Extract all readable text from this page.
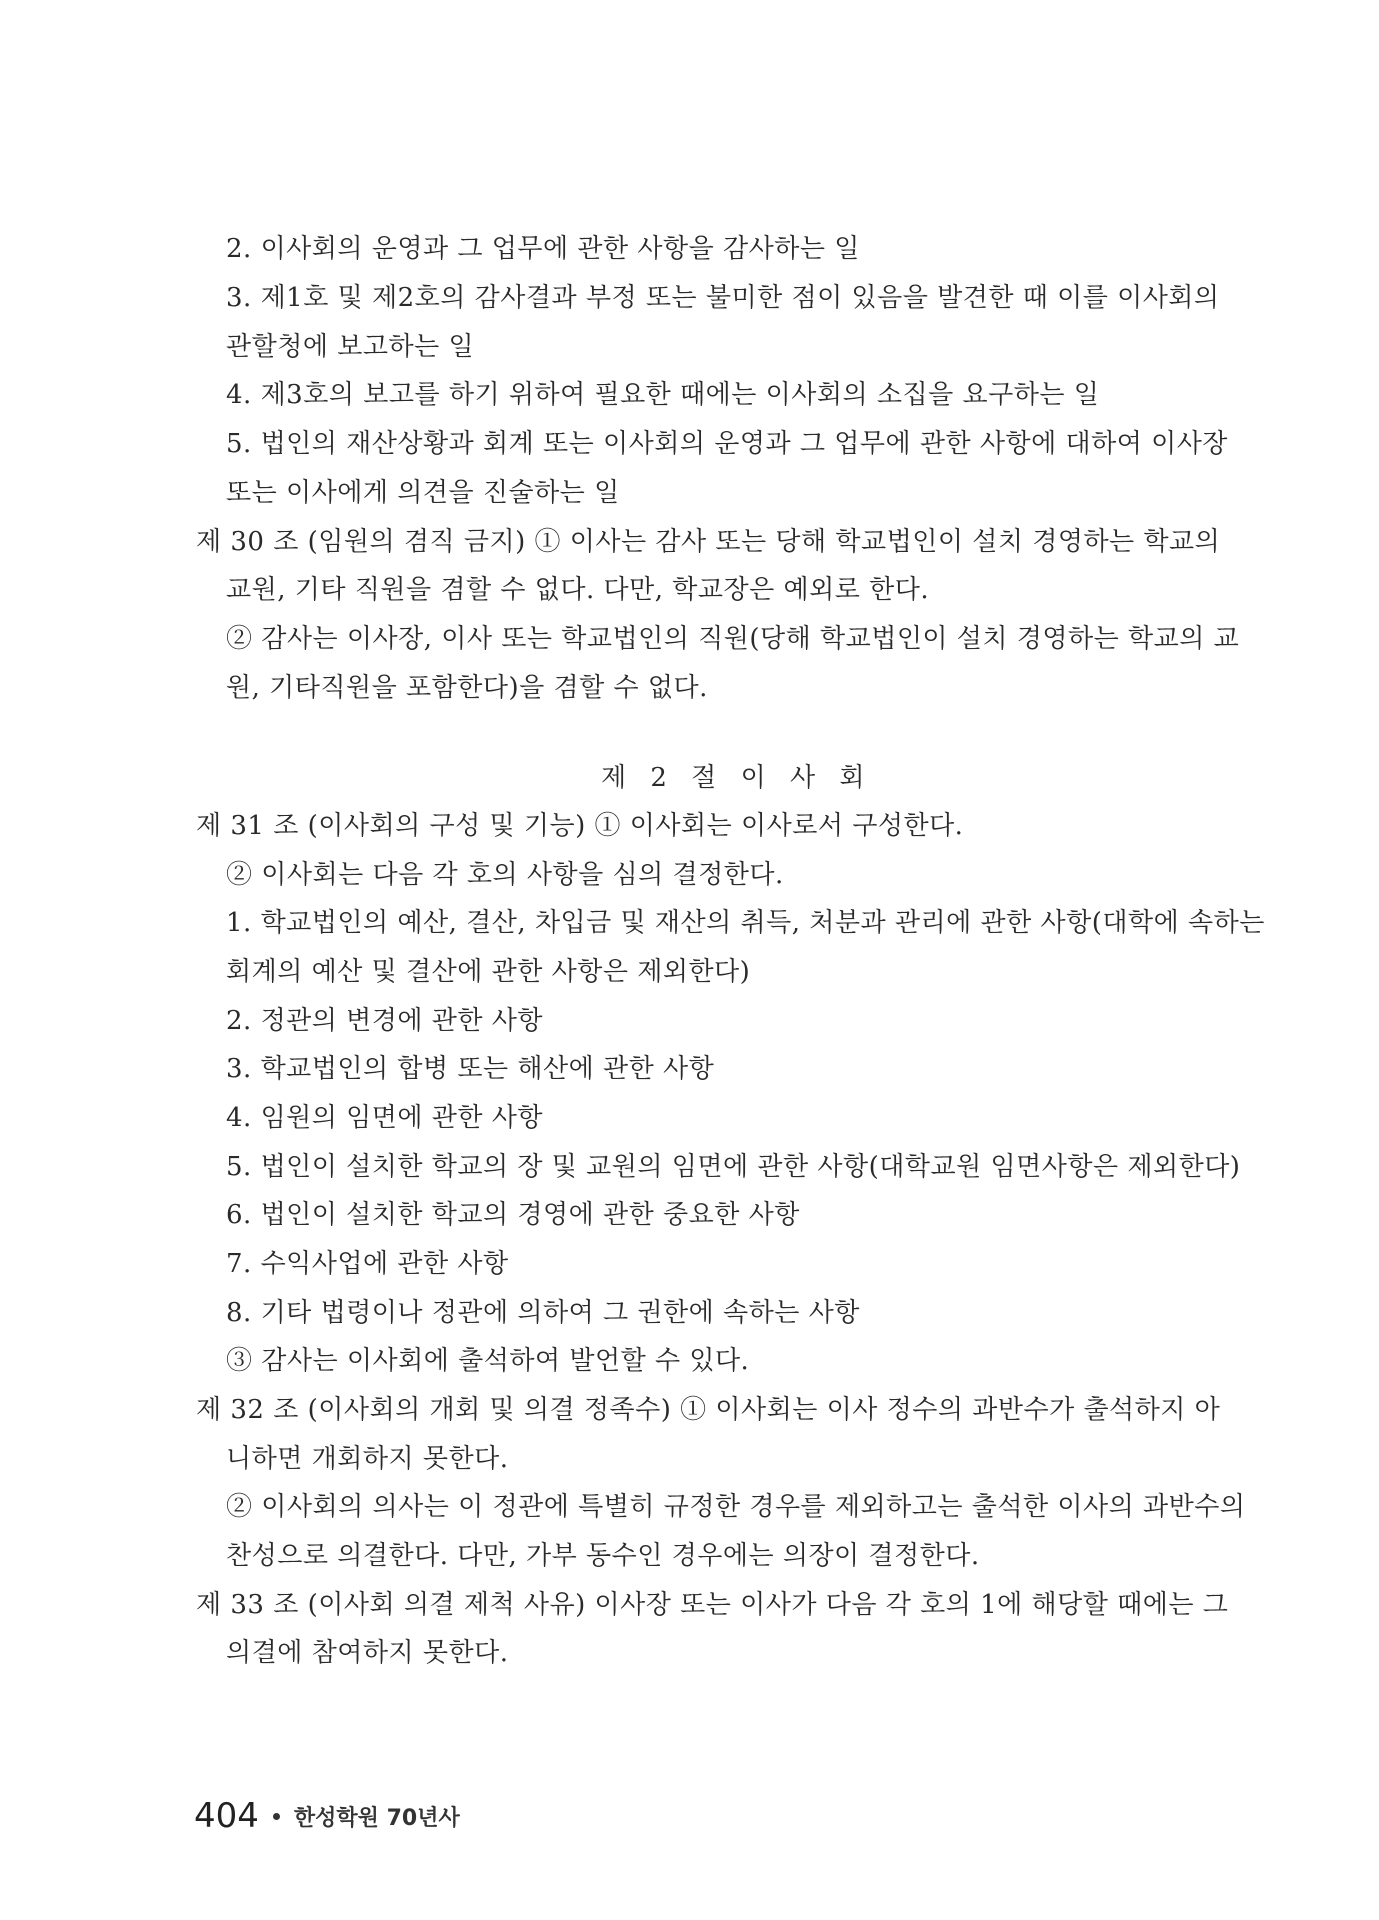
2. 이사회의 운영과 그 업무에 관한 사항을 감사하는 일
3. 제1호 및 제2호의 감사결과 부정 또는 불미한 점이 있음을 발견한 때 이를 이사회의
관할청에 보고하는 일
4. 제3호의 보고를 하기 위하여 필요한 때에는 이사회의 소집을 요구하는 일
5. 법인의 재산상황과 회계 또는 이사회의 운영과 그 업무에 관한 사항에 대하여 이사장
또는 이사에게 의견을 진술하는 일
제 30 조 (임원의 겸직 금지) ① 이사는 감사 또는 당해 학교법인이 설치 경영하는 학교의
교원, 기타 직원을 겸할 수 없다. 다만, 학교장은 예외로 한다.
② 감사는 이사장, 이사 또는 학교법인의 직원(당해 학교법인이 설치 경영하는 학교의 교
원, 기타직원을 포함한다)을 겸할 수 없다.
제 2 절 이 사 회
제 31 조 (이사회의 구성 및 기능) ① 이사회는 이사로서 구성한다.
② 이사회는 다음 각 호의 사항을 심의 결정한다.
1. 학교법인의 예산, 결산, 차입금 및 재산의 취득, 처분과 관리에 관한 사항(대학에 속하는
회계의 예산 및 결산에 관한 사항은 제외한다)
2. 정관의 변경에 관한 사항
3. 학교법인의 합병 또는 해산에 관한 사항
4. 임원의 임면에 관한 사항
5. 법인이 설치한 학교의 장 및 교원의 임면에 관한 사항(대학교원 임면사항은 제외한다)
6. 법인이 설치한 학교의 경영에 관한 중요한 사항
7. 수익사업에 관한 사항
8. 기타 법령이나 정관에 의하여 그 권한에 속하는 사항
③ 감사는 이사회에 출석하여 발언할 수 있다.
제 32 조 (이사회의 개회 및 의결 정족수) ① 이사회는 이사 정수의 과반수가 출석하지 아
니하면 개회하지 못한다.
② 이사회의 의사는 이 정관에 특별히 규정한 경우를 제외하고는 출석한 이사의 과반수의
찬성으로 의결한다. 다만, 가부 동수인 경우에는 의장이 결정한다.
제 33 조 (이사회 의결 제척 사유) 이사장 또는 이사가 다음 각 호의 1에 해당할 때에는 그
의결에 참여하지 못한다.
404 한성학원 70년사
